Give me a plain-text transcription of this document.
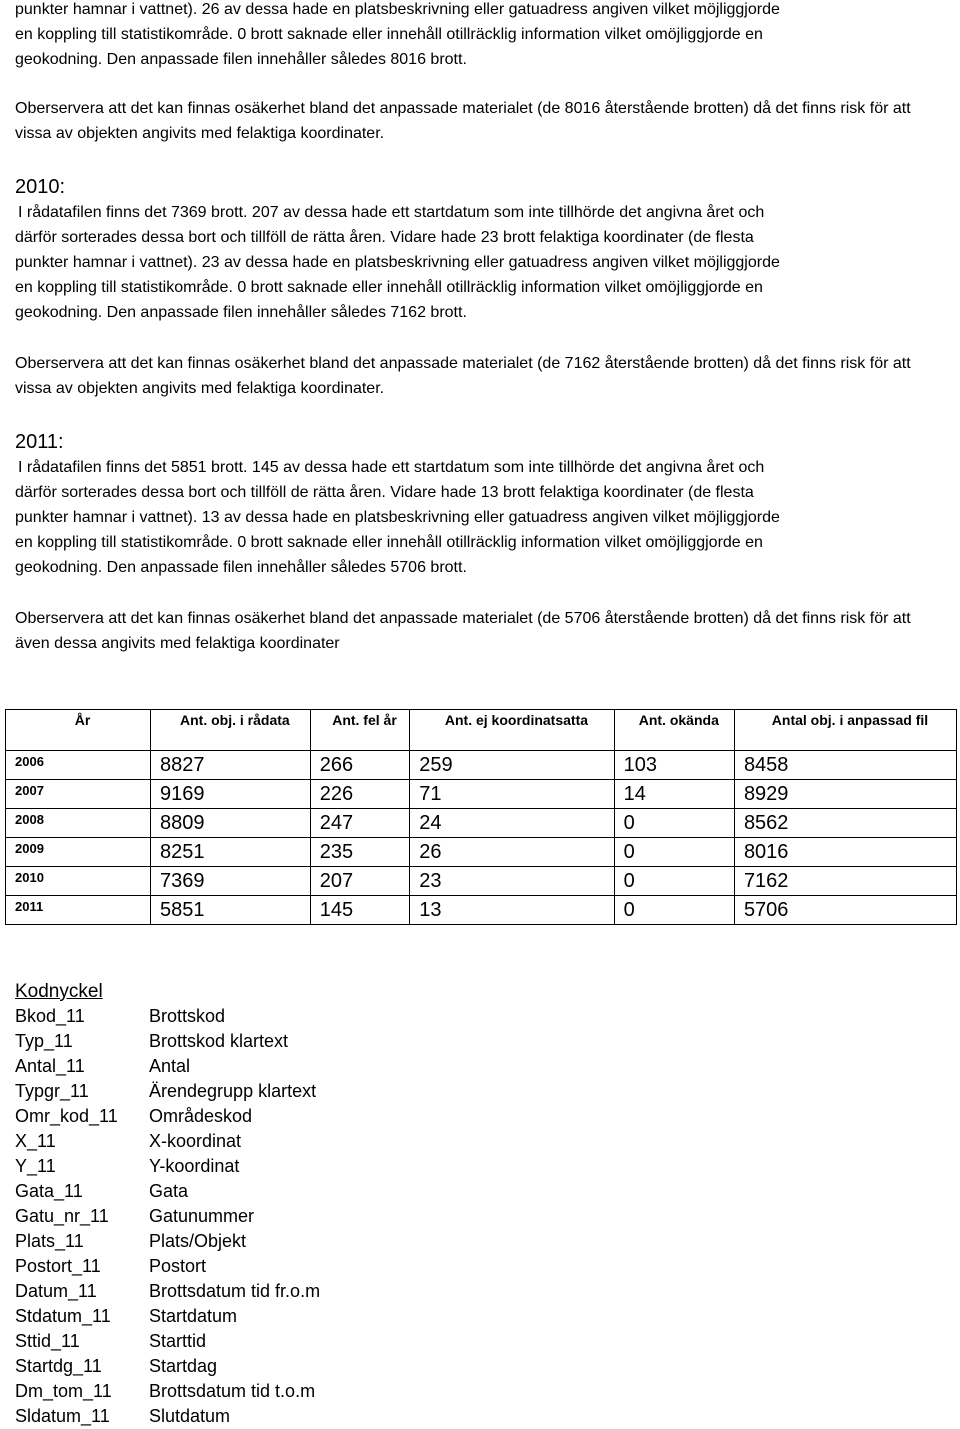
punkter hamnar i vattnet). 26 av dessa hade en platsbeskrivning eller gatuadress angiven vilket möjliggjorde

en koppling till statistikområde. 0 brott saknade eller innehåll otillräcklig information vilket omöjliggjorde en

geokodning. Den anpassade filen innehåller således 8016 brott.

Oberservera att det kan finnas osäkerhet bland det anpassade materialet (de 8016 återstående brotten) då det finns risk för att vissa av objekten angivits med felaktiga koordinater.

2010:

I rådatafilen finns det 7369 brott. 207 av dessa hade ett startdatum som inte tillhörde det angivna året och

därför sorterades dessa bort och tillföll de rätta åren. Vidare hade 23 brott felaktiga koordinater (de flesta

punkter hamnar i vattnet). 23 av dessa hade en platsbeskrivning eller gatuadress angiven vilket möjliggjorde

en koppling till statistikområde. 0 brott saknade eller innehåll otillräcklig information vilket omöjliggjorde en

geokodning. Den anpassade filen innehåller således 7162 brott.

Oberservera att det kan finnas osäkerhet bland det anpassade materialet (de 7162 återstående brotten) då det finns risk för att vissa av objekten angivits med felaktiga koordinater.

2011:

I rådatafilen finns det 5851 brott. 145 av dessa hade ett startdatum som inte tillhörde det angivna året och

därför sorterades dessa bort och tillföll de rätta åren. Vidare hade 13 brott felaktiga koordinater (de flesta

punkter hamnar i vattnet). 13 av dessa hade en platsbeskrivning eller gatuadress angiven vilket möjliggjorde

en koppling till statistikområde. 0 brott saknade eller innehåll otillräcklig information vilket omöjliggjorde en

geokodning. Den anpassade filen innehåller således 5706 brott.

Oberservera att det kan finnas osäkerhet bland det anpassade materialet (de 5706 återstående brotten) då det finns risk för att även dessa angivits med felaktiga koordinater

År	Ant. obj. i rådata	Ant. fel år	Ant. ej koordinatsatta	Ant. okända	Antal obj. i anpassad fil
2006	8827	266	259	103	8458
2007	9169	226	71	14	8929
2008	8809	247	24	0	8562
2009	8251	235	26	0	8016
2010	7369	207	23	0	7162
2011	5851	145	13	0	5706
Kodnyckel
Bkod_11	Brottskod
Typ_11	Brottskod klartext
Antal_11	Antal
Typgr_11	Ärendegrupp klartext
Omr_kod_11	Områdeskod
X_11	X-koordinat
Y_11	Y-koordinat
Gata_11	Gata
Gatu_nr_11	Gatunummer
Plats_11	Plats/Objekt
Postort_11	Postort
Datum_11	Brottsdatum tid fr.o.m
Stdatum_11	Startdatum
Sttid_11	Starttid
Startdg_11	Startdag
Dm_tom_11	Brottsdatum tid t.o.m
Sldatum_11	Slutdatum
